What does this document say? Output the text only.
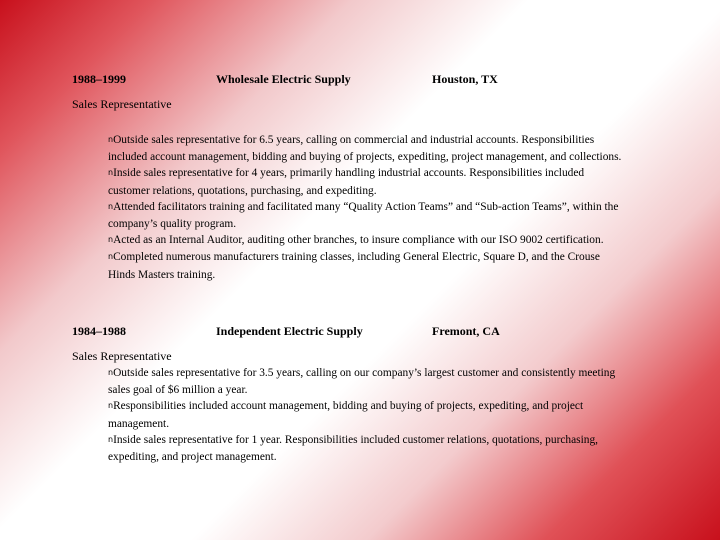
1988–1999	Wholesale Electric Supply	Houston, TX
Sales Representative

nOutside sales representative for 6.5 years, calling on commercial and industrial accounts. Responsibilities included account management, bidding and buying of projects, expediting, project management, and collections.

nInside sales representative for 4 years, primarily handling industrial accounts. Responsibilities included customer relations, quotations, purchasing, and expediting.

nAttended facilitators training and facilitated many “Quality Action Teams” and “Sub-action Teams”, within the company’s quality program.

nActed as an Internal Auditor, auditing other branches, to insure compliance with our ISO 9002 certification.

nCompleted numerous manufacturers training classes, including General Electric, Square D, and the Crouse Hinds Masters training.

1984–1988	Independent Electric Supply	Fremont, CA
Sales Representative

nOutside sales representative for 3.5 years, calling on our company’s largest customer and consistently meeting sales goal of $6 million a year.

nResponsibilities included account management, bidding and buying of projects, expediting, and project management.

nInside sales representative for 1 year. Responsibilities included customer relations, quotations, purchasing, expediting, and project management.
